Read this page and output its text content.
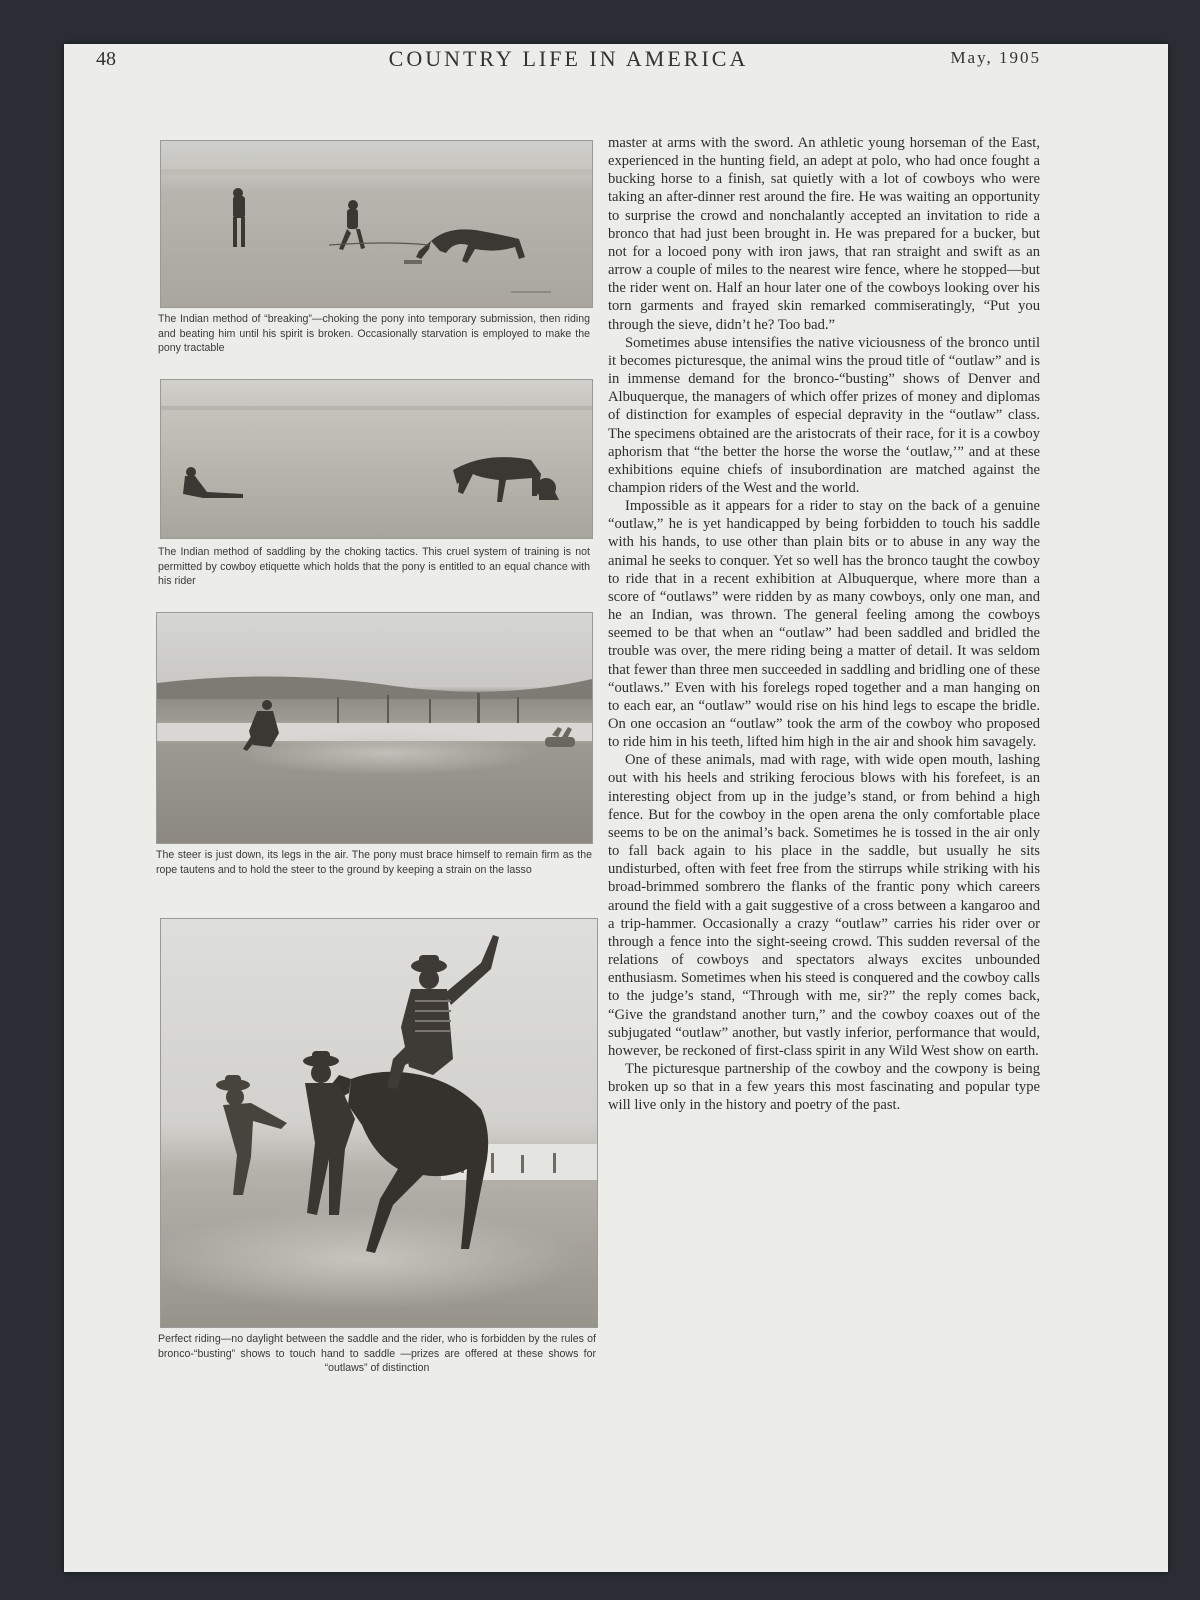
48	COUNTRY LIFE IN AMERICA	May, 1905
The Indian method of “breaking”—choking the pony into temporary submission, then riding and beating him until his spirit is broken. Occasionally starvation is employed to make the pony tractable
The Indian method of saddling by the choking tactics. This cruel system of training is not permitted by cowboy etiquette which holds that the pony is entitled to an equal chance with his rider
The steer is just down, its legs in the air. The pony must brace himself to remain firm as the rope tautens and to hold the steer to the ground by keeping a strain on the lasso
Perfect riding—no daylight between the saddle and the rider, who is forbidden by the rules of bronco-“busting” shows to touch hand to saddle —prizes are offered at these shows for “outlaws” of distinction

master at arms with the sword. An athletic young horseman of the East, experienced in the hunting field, an adept at polo, who had once fought a bucking horse to a finish, sat quietly with a lot of cowboys who were taking an after-dinner rest around the fire. He was waiting an opportunity to surprise the crowd and nonchalantly accepted an invitation to ride a bronco that had just been brought in. He was prepared for a bucker, but not for a locoed pony with iron jaws, that ran straight and swift as an arrow a couple of miles to the nearest wire fence, where he stopped—but the rider went on. Half an hour later one of the cowboys looking over his torn garments and frayed skin remarked commiseratingly, “Put you through the sieve, didn’t he? Too bad.”

Sometimes abuse intensifies the native viciousness of the bronco until it becomes picturesque, the animal wins the proud title of “outlaw” and is in immense demand for the bronco-“busting” shows of Denver and Albuquerque, the managers of which offer prizes of money and diplomas of distinction for examples of especial depravity in the “outlaw” class. The specimens obtained are the aristocrats of their race, for it is a cowboy aphorism that “the better the horse the worse the ‘outlaw,’” and at these exhibitions equine chiefs of insubordination are matched against the champion riders of the West and the world.

Impossible as it appears for a rider to stay on the back of a genuine “outlaw,” he is yet handicapped by being forbidden to touch his saddle with his hands, to use other than plain bits or to abuse in any way the animal he seeks to conquer. Yet so well has the bronco taught the cowboy to ride that in a recent exhibition at Albuquerque, where more than a score of “outlaws” were ridden by as many cowboys, only one man, and he an Indian, was thrown. The general feeling among the cowboys seemed to be that when an “outlaw” had been saddled and bridled the trouble was over, the mere riding being a matter of detail. It was seldom that fewer than three men succeeded in saddling and bridling one of these “outlaws.” Even with his forelegs roped together and a man hanging on to each ear, an “outlaw” would rise on his hind legs to escape the bridle. On one occasion an “outlaw” took the arm of the cowboy who proposed to ride him in his teeth, lifted him high in the air and shook him savagely.

One of these animals, mad with rage, with wide open mouth, lashing out with his heels and striking ferocious blows with his forefeet, is an interesting object from up in the judge’s stand, or from behind a high fence. But for the cowboy in the open arena the only comfortable place seems to be on the animal’s back. Sometimes he is tossed in the air only to fall back again to his place in the saddle, but usually he sits undisturbed, often with feet free from the stirrups while striking with his broad-brimmed sombrero the flanks of the frantic pony which careers around the field with a gait suggestive of a cross between a kangaroo and a trip-hammer. Occasionally a crazy “outlaw” carries his rider over or through a fence into the sight-seeing crowd. This sudden reversal of the relations of cowboys and spectators always excites unbounded enthusiasm. Sometimes when his steed is conquered and the cowboy calls to the judge’s stand, “Through with me, sir?” the reply comes back, “Give the grandstand another turn,” and the cowboy coaxes out of the subjugated “outlaw” another, but vastly inferior, performance that would, however, be reckoned of first-class spirit in any Wild West show on earth.

The picturesque partnership of the cowboy and the cowpony is being broken up so that in a few years this most fascinating and popular type will live only in the history and poetry of the past.
